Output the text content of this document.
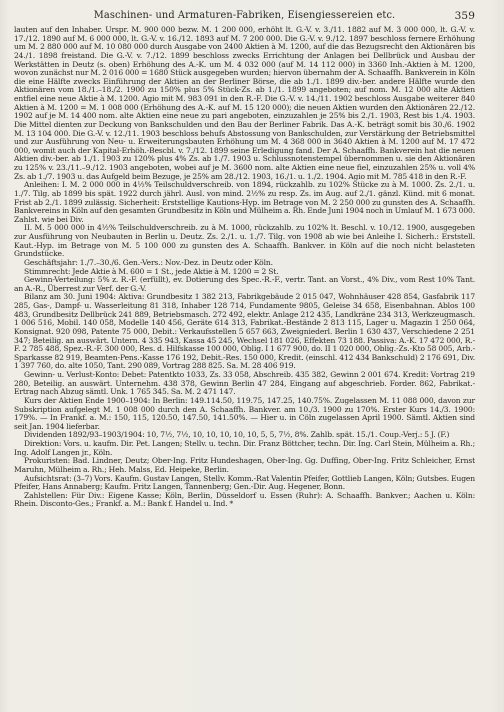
Maschinen- und Armaturen-Fabriken, Eisengiessereien etc.	359

lauten auf den Inhaber. Urspr. M. 900 000 bezw. M. 1 200 000, erhöht lt. G.-V. v. 3./11. 1882 auf M. 3 000 000, lt. G.-V. v. 17./12. 1890 auf M. 6 000 000, lt. G.-V. v. 16./12. 1893 auf M. 7 200 000. Die G.-V. v. 9./12. 1897 beschloss fernere Erhöhung um M. 2 880 000 auf M. 10 080 000 durch Ausgabe von 2400 Aktien à M. 1200, auf die das Bezugsrecht den Aktionären bis 24./1. 1898 freistand. Die G.-V. v. 7./12. 1899 beschloss zwecks Errichtung der Anlagen bei Dellbrück und Ausbau der Werkstätten in Deutz (s. oben) Erhöhung des A.-K. um M. 4 032 000 (auf M. 14 112 000) in 3360 Inh.-Aktien à M. 1200, wovon zunächst nur M. 2 016 000 = 1680 Stück ausgegeben wurden; hiervon übernahm der A. Schaaffh. Bankverein in Köln die eine Hälfte zwecks Einführung der Aktien an der Berliner Börse, die ab 1./1. 1899 div.-ber. andere Hälfte wurde den Aktionären vom 18./1.–18./2. 1900 zu 150% plus 5% Stück-Zs. ab 1./1. 1899 angeboten; auf nom. M. 12 000 alte Aktien entfiel eine neue Aktie à M. 1200. Agio mit M. 983 091 in den R.-F. Die G.-V. v. 14./11. 1902 beschloss Ausgabe weiterer 840 Aktien à M. 1200 = M. 1 008 000 (Erhöhung des A.-K. auf M. 15 120 000); die neuen Aktien wurden den Aktionären 22./12. 1902 auf je M. 14 400 nom. alte Aktien eine neue zu pari angeboten, einzuzahlen je 25% bis 2./1. 1903, Rest bis 1./4. 1903. Die Mittel dienten zur Deckung von Bankschulden und den Bau der Berliner Fabrik. Das A.-K. beträgt somit bis 30./6. 1902 M. 13 104 000. Die G.-V. v. 12./11. 1903 beschloss behufs Abstossung von Bankschulden, zur Verstärkung der Betriebsmittel und zur Ausführung von Neu- u. Erweiterungsbauten Erhöhung um M. 4 368 000 in 3640 Aktien à M. 1200 auf M. 17 472 000, womit auch der Kapital-Erhöh.-Bescbl. v. 7./12. 1899 seine Erledigung fand. Der A. Schaaffh. Bankverein hat die neuen Aktien div.-ber. ab 1./1. 1903 zu 120% plus 4% Zs. ab 1./7. 1903 u. Schlussnotenstempel übernommen u. sie den Aktionären zu 125% v. 23./11.–9./12. 1903 angeboten, wobei auf je M. 3600 nom. alte Aktien eine neue fiel, einzuzahlen 25% u. voll 4% Zs. ab 1./7. 1903 u. das Aufgeld beim Bezuge, je 25% am 28./12. 1903, 16./1. u. 1./2. 1904. Agio mit M. 785 418 in den R.-F.

Anleihen: I. M. 2 000 000 in 4½% Teilschuldverschreib. von 1894, rückzahlb. zu 102% Stücke zu à M. 1000. Zs. 2./1. u. 1./7. Tilg. ab 1899 bis spät. 1922 durch jährl. Ausl. von mind. 2½% zu resp. Zs. im Aug. auf 2./1. gänzl. Künd. mit 6 monat. Frist ab 2./1. 1899 zulässig. Sicherheit: Erststellige Kautions-Hyp. im Betrage von M. 2 250 000 zu gunsten des A. Schaaffh. Bankvereins in Köln auf den gesamten Grundbesitz in Köln und Mülheim a. Rh. Ende Juni 1904 noch in Umlauf M. 1 673 000. Zahlst. wie bei Div.

II. M. 5 000 000 in 4½% Teilschuldverschreib. zu à M. 1000, rückzahlb. zu 102% lt. Beschl. v. 10./12. 1900, ausgegeben zur Ausführung von Neubauten in Berlin u. Deutz. Zs. 2./1. u. 1./7. Tilg. von 1908 ab wie bei Anleihe I. Sicherh.: Erststell. Kaut.-Hyp. im Betrage von M. 5 100 000 zu gunsten des A. Schaaffh. Bankver. in Köln auf die noch nicht belasteten Grundstücke.

Geschäftsjahr: 1./7.–30./6. Gen.-Vers.: Nov.-Dez. in Deutz oder Köln.

Stimmrecht: Jede Aktie à M. 600 = 1 St., jede Aktie à M. 1200 = 2 St.

Gewinn-Verteilung: 5% z. R.-F. (erfüllt), ev. Dotierung des Spec.-R.-F., vertr. Tant. an Vorst., 4% Div., vom Rest 10% Tant. an A.-R., Überrest zur Verf. der G.-V.

Bilanz am 30. Juni 1904: Aktiva: Grundbesitz 1 382 213, Fabrikgebäude 2 015 047, Wohnhäuser 428 854, Gasfabrik 117 285, Gas-, Dampf- u. Wasserleitung 81 318, Inhaber 128 714, Fundamente 9805, Geleise 34 658, Eisenbahnan. Ablos 100 483, Grundbesitz Dellbrück 241 889, Betriebsmasch. 272 492, elektr. Anlage 212 435, Landkräne 234 313, Werkzeugmasch. 1 006 516, Mobil. 140 058, Modelle 140 456, Geräte 614 313, Fabrikat.-Bestände 2 813 115, Lager u. Magazin 1 250 064, Konsignat. 920 098, Patente 75 000, Debit.: Verkaufsstellen 5 657 663, Zweigniederl. Berlin 1 630 437, Verschiedene 2 251 347; Beteilig. an auswärt. Untern. 4 335 943, Kassa 45 245, Wechsel 181 026, Effekten 73 188. Passiva: A.-K. 17 472 000, R.-F. 2 785 488, Spez.-R.-F. 300 000, Res. d. Hilfskasse 100 000, Oblig. I 1 677 900, do. II 1 020 000, Oblig.-Zs.-Kto 58 005, Arb.-Sparkasse 82 919, Beamten-Pens.-Kasse 176 192, Debit.-Res. 150 000, Kredit. (einschl. 412 434 Bankschuld) 2 176 691, Div. 1 397 760, do. alte 1050, Tant. 290 089, Vortrag 288 825. Sa. M. 28 406 919.

Gewinn- u. Verlust-Konto: Debet: Patentkto 1033, Zs. 33 058, Abschreib. 435 382, Gewinn 2 001 674. Kredit: Vortrag 219 280, Beteilig. an auswärt. Unternehm. 438 378, Gewinn Berlin 47 284, Eingang auf abgeschrieb. Forder. 862, Fabrikat.-Ertrag nach Abzug sämtl. Unk. 1 765 345. Sa. M. 2 471 147.

Kurs der Aktien Ende 1900–1904: In Berlin: 149.114.50, 119.75, 147.25, 140.75%. Zugelassen M. 11 088 000, davon zur Subskription aufgelegt M. 1 008 000 durch den A. Schaaffh. Bankver. am 10./3. 1900 zu 170%. Erster Kurs 14./3. 1900: 179%. — In Frankf. a. M.: 150, 115, 120.50, 147.50, 141.50%. — Hier u. in Cöln zugelassen April 1900. Sämtl. Aktien sind seit Jan. 1904 lieferbar.

Dividenden 1892/93–1903/1904: 10, 7½, 7½, 10, 10, 10, 10, 10, 5, 5, 7½, 8%. Zahlb. spät. 15./1. Coup.-Verj.: 5 J. (F.)

Direktion: Vors. u. kaufm. Dir. Pet. Langen; Stellv. u. techn. Dir. Franz Böttcher, techn. Dir. Ing. Carl Stein, Mülheim a. Rh.; Ing. Adolf Langen jr., Köln.

Prokuristen: Bad. Lindner, Deutz; Ober-Ing. Fritz Hundeshagen, Ober-Ing. Gg. Duffing, Ober-Ing. Fritz Schleicher, Ernst Maruhn, Mülheim a. Rh.; Heh. Malss, Ed. Heipeke, Berlin.

Aufsichtsrat: (3–7) Vors. Kaufm. Gustav Langen, Stellv. Komm.-Rat Valentin Pfeifer, Gottlieb Langen, Köln; Gutsbes. Eugen Pfeifer, Hans Annaberg; Kaufm. Fritz Langen, Tannenberg; Gen.-Dir. Aug. Hegener, Bonn.

Zahlstellen: Für Div.: Eigene Kasse; Köln, Berlin, Düsseldorf u. Essen (Ruhr): A. Schaaffh. Bankver.; Aachen u. Köln: Rhein. Disconto-Ges.; Frankf. a. M.: Bank f. Handel u. Ind. *
